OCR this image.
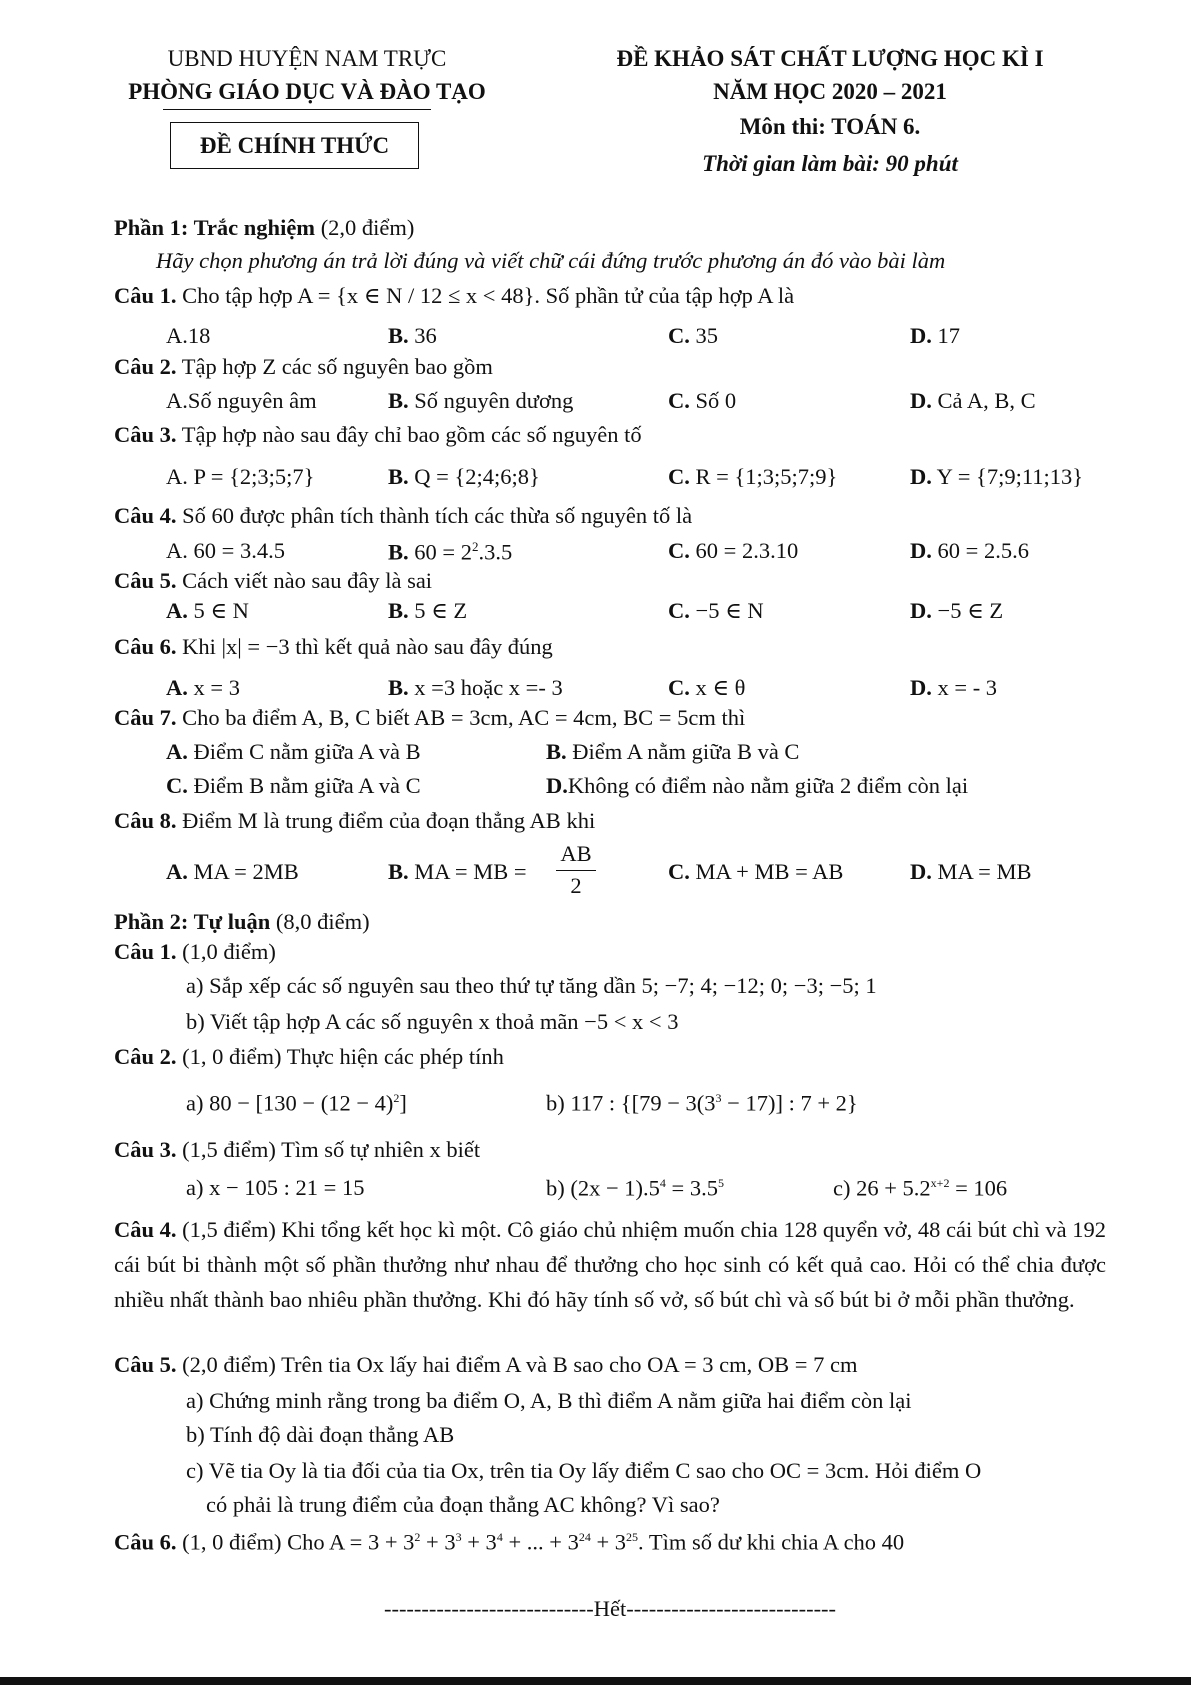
UBND HUYỆN NAM TRỰC
PHÒNG GIÁO DỤC VÀ ĐÀO TẠO
ĐỀ CHÍNH THỨC
ĐỀ KHẢO SÁT CHẤT LƯỢNG HỌC KÌ I
NĂM HỌC 2020 – 2021
Môn thi: TOÁN 6.
Thời gian làm bài: 90 phút
Phần 1: Trắc nghiệm (2,0 điểm)
Hãy chọn phương án trả lời đúng và viết chữ cái đứng trước phương án đó vào bài làm
Câu 1. Cho tập hợp A = {x ∈ N / 12 ≤ x < 48}. Số phần tử của tập hợp A là
A.18	B. 36	C. 35	D. 17
Câu 2. Tập hợp Z các số nguyên bao gồm
A.Số nguyên âm	B. Số nguyên dương	C. Số 0	D. Cả A, B, C
Câu 3. Tập hợp nào sau đây chỉ bao gồm các số nguyên tố
A. P = {2;3;5;7}	B. Q = {2;4;6;8}	C. R = {1;3;5;7;9}	D. Y = {7;9;11;13}
Câu 4. Số 60 được phân tích thành tích các thừa số nguyên tố là
A. 60 = 3.4.5	B. $60 = 2^2.3.5$	C. 60 = 2.3.10	D. 60 = 2.5.6
Câu 5. Cách viết nào sau đây là sai
A. 5 ∈ N	B. 5 ∈ Z	C. −5 ∈ N	D. −5 ∈ Z
Câu 6. Khi |x| = −3 thì kết quả nào sau đây đúng
A. x = 3	B. x =3 hoặc x =- 3	C. x ∈ θ	D. x = - 3
Câu 7. Cho ba điểm A, B, C biết AB = 3cm, AC = 4cm, BC = 5cm thì
A. Điểm C nằm giữa A và B	B. Điểm A nằm giữa B và C
C. Điểm B nằm giữa A và C	D.Không có điểm nào nằm giữa 2 điểm còn lại
Câu 8. Điểm M là trung điểm của đoạn thẳng AB khi
A. MA = 2MB	B. MA = MB =
AB
2
C. MA + MB = AB	D. MA = MB
Phần 2: Tự luận (8,0 điểm)
Câu 1. (1,0 điểm)
a) Sắp xếp các số nguyên sau theo thứ tự tăng dần 5; −7; 4; −12; 0; −3; −5; 1
b) Viết tập hợp A các số nguyên x thoả mãn −5 < x < 3
Câu 2. (1, 0 điểm) Thực hiện các phép tính
a) $80 - [130 - (12 - 4)^2]$	b) 117 : {$[79 - 3(3^3 - 17)]$ : 7 + 2}
Câu 3. (1,5 điểm) Tìm số tự nhiên x biết
a) x − 105 : 21 = 15	b) $(2x - 1).5^4 = 3.5^5$	c) $26 + 5.2^{x+2} = 106$
Câu 4. (1,5 điểm) Khi tổng kết học kì một. Cô giáo chủ nhiệm muốn chia 128 quyển vở, 48 cái bút chì và 192 cái bút bi thành một số phần thưởng như nhau để thưởng cho học sinh có kết quả cao. Hỏi có thể chia được nhiều nhất thành bao nhiêu phần thưởng. Khi đó hãy tính số vở, số bút chì và số bút bi ở mỗi phần thưởng.
Câu 5. (2,0 điểm) Trên tia Ox lấy hai điểm A và B sao cho OA = 3 cm, OB = 7 cm
a) Chứng minh rằng trong ba điểm O, A, B thì điểm A nằm giữa hai điểm còn lại
b) Tính độ dài đoạn thẳng AB
c) Vẽ tia Oy là tia đối của tia Ox, trên tia Oy lấy điểm C sao cho OC = 3cm. Hỏi điểm O
có phải là trung điểm của đoạn thẳng AC không? Vì sao?
Câu 6. (1, 0 điểm) Cho $A = 3 + 3^2 + 3^3 + 3^4$ + ... + $3^{24} + 3^{25}$. Tìm số dư khi chia A cho 40
----------------------------Hết----------------------------
